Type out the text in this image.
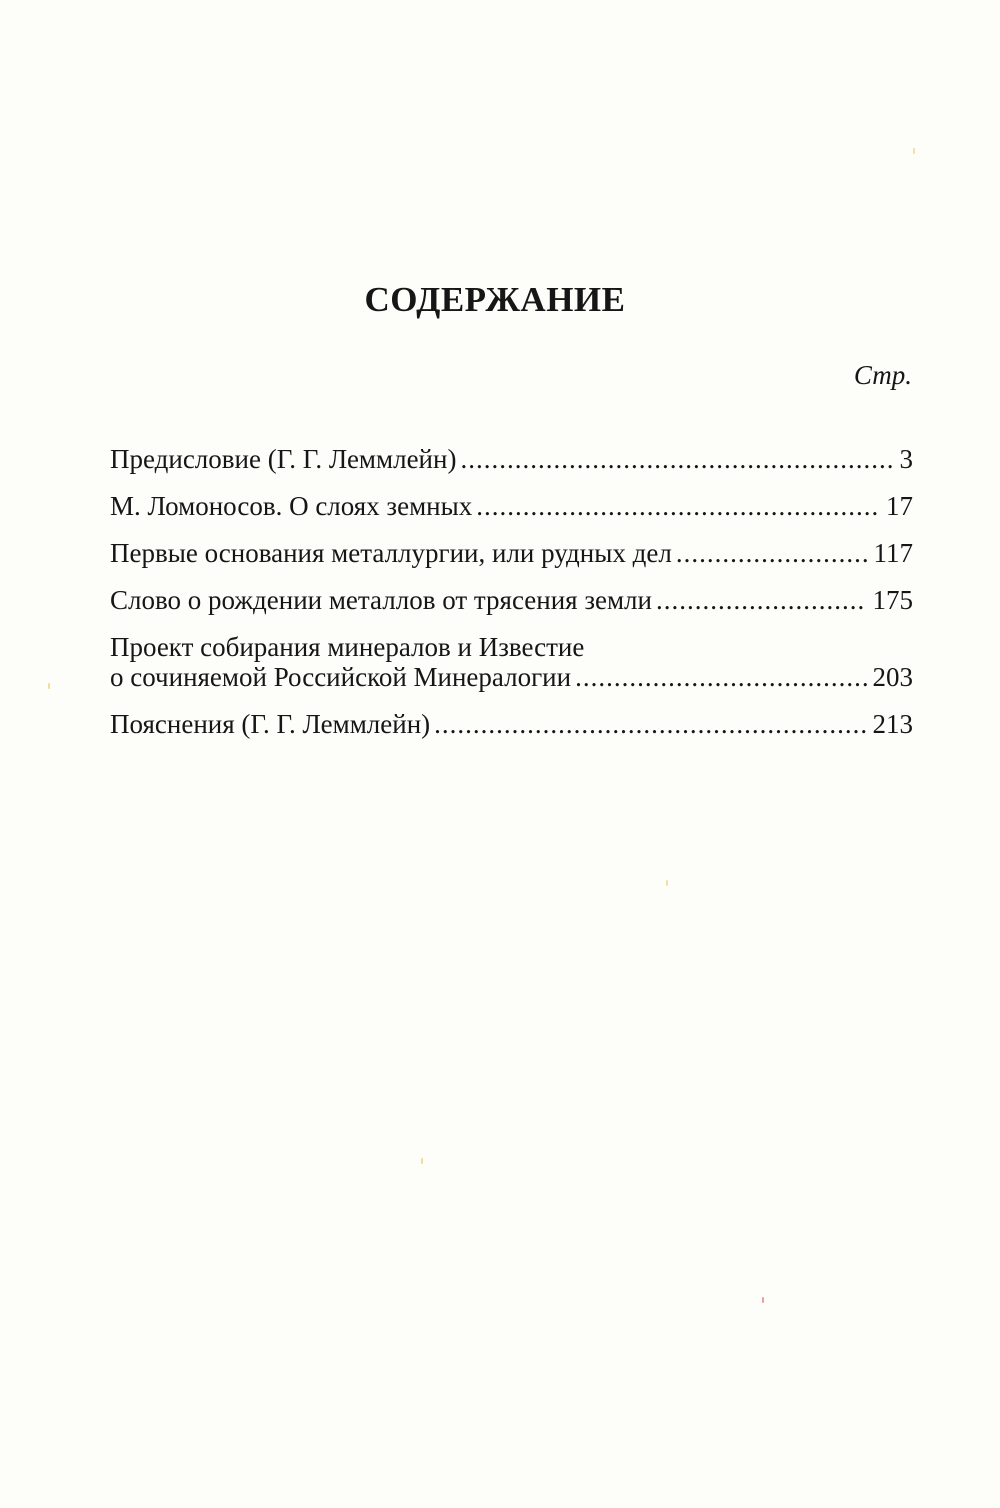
СОДЕРЖАНИЕ
Стр.
Предисловие (Г. Г. Леммлейн) .....	3
М. Ломоносов. О слоях земных .....	17
Первые основания металлургии, или рудных дел .....	117
Слово о рождении металлов от трясения земли .....	175
Проект собирания минералов и Известие
о сочиняемой Российской Минералогии .....	203
Пояснения (Г. Г. Леммлейн) .....	213
